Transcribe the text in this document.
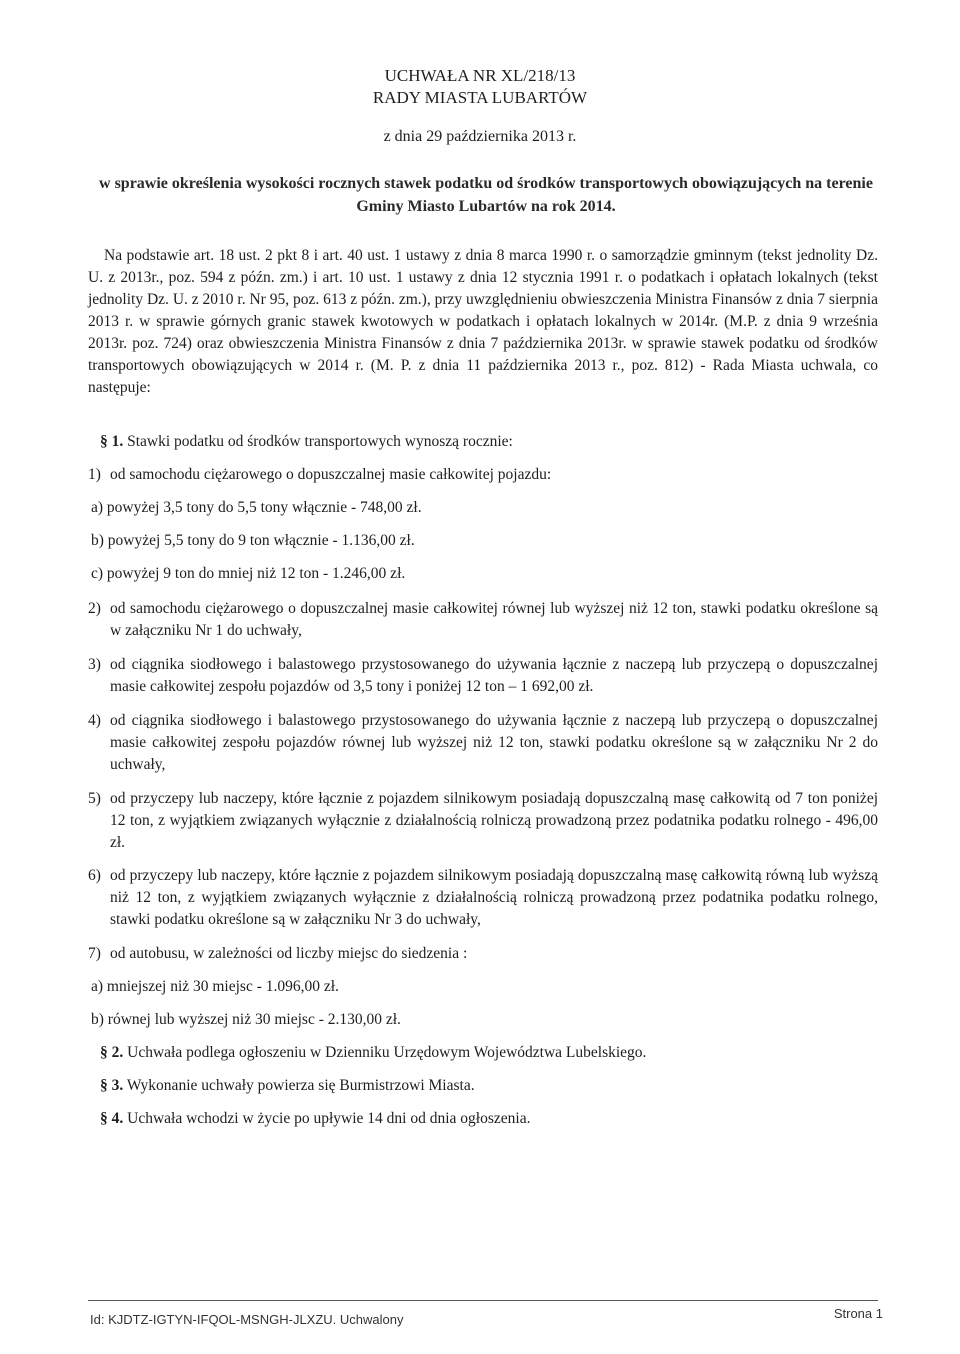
UCHWAŁA NR XL/218/13
RADY MIASTA LUBARTÓW
z dnia 29 października 2013 r.
w sprawie określenia wysokości rocznych stawek podatku od środków transportowych obowiązujących na terenie Gminy Miasto Lubartów na rok 2014.
Na podstawie art. 18 ust. 2 pkt 8 i art. 40 ust. 1 ustawy z dnia 8 marca 1990 r. o samorządzie gminnym (tekst jednolity Dz. U. z 2013r., poz. 594 z późn. zm.) i art. 10 ust. 1 ustawy z dnia 12 stycznia 1991 r. o podatkach i opłatach lokalnych (tekst jednolity Dz. U. z 2010 r. Nr 95, poz. 613 z późn. zm.), przy uwzględnieniu obwieszczenia Ministra Finansów z dnia 7 sierpnia 2013 r. w sprawie górnych granic stawek kwotowych w podatkach i opłatach lokalnych w 2014r. (M.P. z dnia 9 września 2013r. poz. 724) oraz obwieszczenia Ministra Finansów z dnia 7 października 2013r. w sprawie stawek podatku od środków transportowych obowiązujących w 2014 r. (M. P. z dnia 11 października 2013 r., poz. 812) - Rada Miasta uchwala, co następuje:
§ 1. Stawki podatku od środków transportowych wynoszą rocznie:
1) od samochodu ciężarowego o dopuszczalnej masie całkowitej pojazdu:
a) powyżej 3,5 tony do 5,5 tony włącznie - 748,00 zł.
b) powyżej 5,5 tony do 9 ton włącznie - 1.136,00 zł.
c) powyżej 9 ton do mniej niż 12 ton - 1.246,00 zł.
2) od samochodu ciężarowego o dopuszczalnej masie całkowitej równej lub wyższej niż 12 ton, stawki podatku określone są w załączniku Nr 1 do uchwały,
3) od ciągnika siodłowego i balastowego przystosowanego do używania łącznie z naczepą lub przyczepą o dopuszczalnej masie całkowitej zespołu pojazdów od 3,5 tony i poniżej 12 ton – 1 692,00 zł.
4) od ciągnika siodłowego i balastowego przystosowanego do używania łącznie z naczepą lub przyczepą o dopuszczalnej masie całkowitej zespołu pojazdów równej lub wyższej niż 12 ton, stawki podatku określone są w załączniku Nr 2 do uchwały,
5) od przyczepy lub naczepy, które łącznie z pojazdem silnikowym posiadają dopuszczalną masę całkowitą od 7 ton poniżej 12 ton, z wyjątkiem związanych wyłącznie z działalnością rolniczą prowadzoną przez podatnika podatku rolnego - 496,00 zł.
6) od przyczepy lub naczepy, które łącznie z pojazdem silnikowym posiadają dopuszczalną masę całkowitą równą lub wyższą niż 12 ton, z wyjątkiem związanych wyłącznie z działalnością rolniczą prowadzoną przez podatnika podatku rolnego, stawki podatku określone są w załączniku Nr 3 do uchwały,
7) od autobusu, w zależności od liczby miejsc do siedzenia :
a) mniejszej niż 30 miejsc - 1.096,00 zł.
b) równej lub wyższej niż 30 miejsc - 2.130,00 zł.
§ 2. Uchwała podlega ogłoszeniu w Dzienniku Urzędowym Województwa Lubelskiego.
§ 3. Wykonanie uchwały powierza się Burmistrzowi Miasta.
§ 4. Uchwała wchodzi w życie po upływie 14 dni od dnia ogłoszenia.
Id: KJDTZ-IGTYN-IFQOL-MSNGH-JLXZU. Uchwalony	Strona 1
